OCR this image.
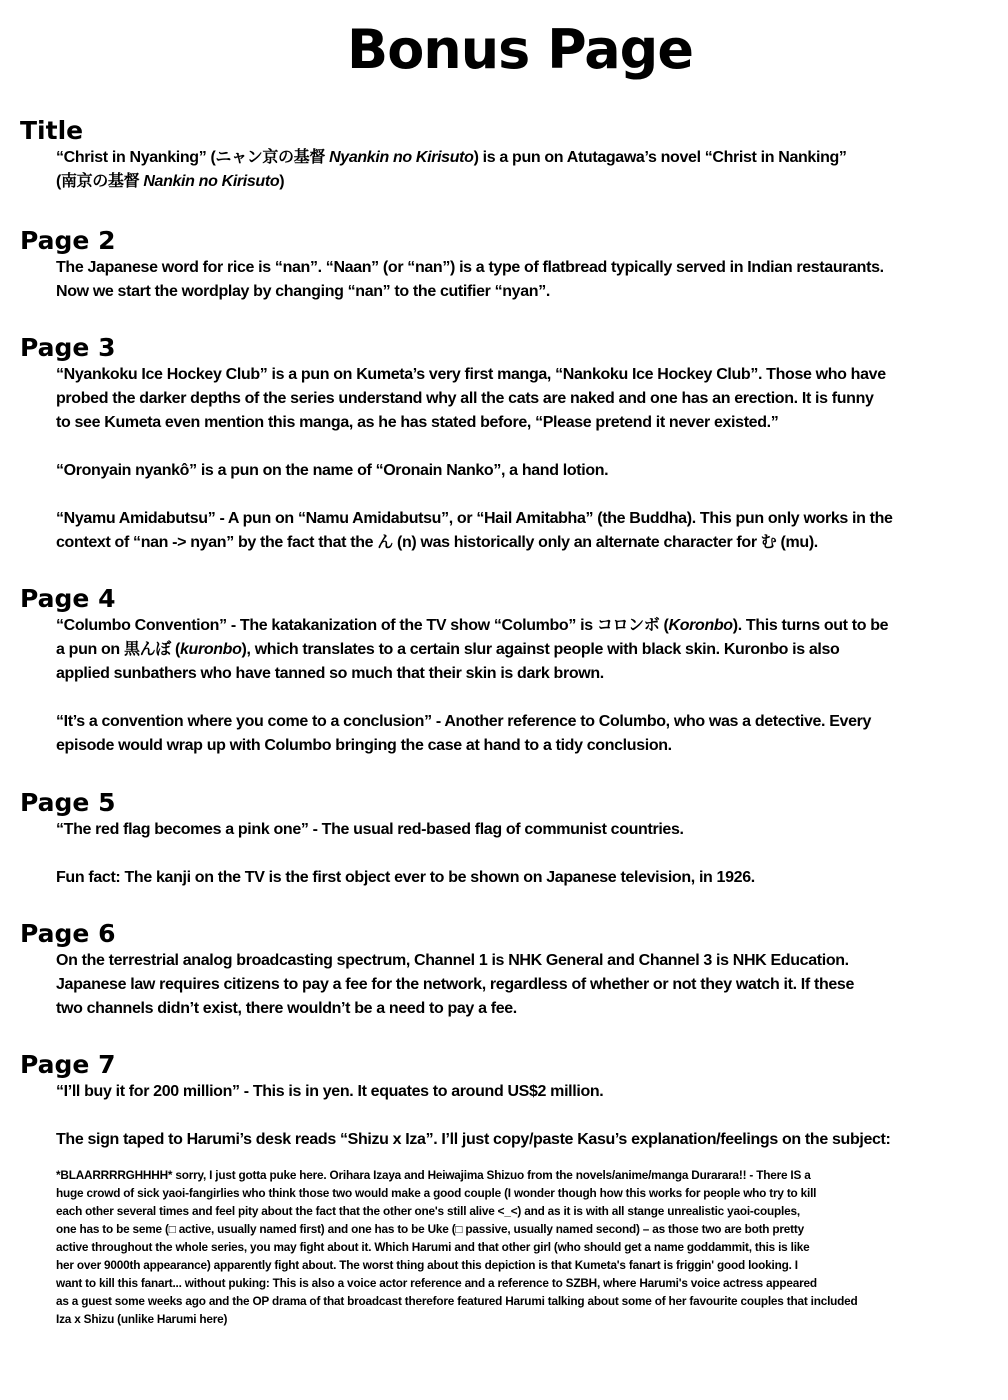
Bonus Page
Title

“Christ in Nyanking” (ニャン京の基督 Nyankin no Kirisuto) is a pun on Atutagawa’s novel “Christ in Nanking”

(南京の基督 Nankin no Kirisuto)

Page 2

The Japanese word for rice is “nan”. “Naan” (or “nan”) is a type of flatbread typically served in Indian restaurants.

Now we start the wordplay by changing “nan” to the cutifier “nyan”.

Page 3

“Nyankoku Ice Hockey Club” is a pun on Kumeta’s very first manga, “Nankoku Ice Hockey Club”. Those who have

probed the darker depths of the series understand why all the cats are naked and one has an erection. It is funny

to see Kumeta even mention this manga, as he has stated before, “Please pretend it never existed.”

“Oronyain nyankô” is a pun on the name of “Oronain Nanko”, a hand lotion.

“Nyamu Amidabutsu” - A pun on “Namu Amidabutsu”, or “Hail Amitabha” (the Buddha). This pun only works in the

context of “nan -> nyan” by the fact that the ん (n) was historically only an alternate character for む (mu).

Page 4

“Columbo Convention” - The katakanization of the TV show “Columbo” is コロンボ (Koronbo). This turns out to be

a pun on 黒んぼ (kuronbo), which translates to a certain slur against people with black skin. Kuronbo is also

applied sunbathers who have tanned so much that their skin is dark brown.

“It’s a convention where you come to a conclusion” - Another reference to Columbo, who was a detective. Every

episode would wrap up with Columbo bringing the case at hand to a tidy conclusion.

Page 5

“The red flag becomes a pink one” - The usual red-based flag of communist countries.

Fun fact: The kanji on the TV is the first object ever to be shown on Japanese television, in 1926.

Page 6

On the terrestrial analog broadcasting spectrum, Channel 1 is NHK General and Channel 3 is NHK Education.

Japanese law requires citizens to pay a fee for the network, regardless of whether or not they watch it. If these

two channels didn’t exist, there wouldn’t be a need to pay a fee.

Page 7

“I’ll buy it for 200 million” - This is in yen. It equates to around US$2 million.

The sign taped to Harumi’s desk reads “Shizu x Iza”. I’ll just copy/paste Kasu’s explanation/feelings on the subject:

*BLAARRRRGHHHH* sorry, I just gotta puke here. Orihara Izaya and Heiwajima Shizuo from the novels/anime/manga Durarara!! - There IS a
huge crowd of sick yaoi-fangirlies who think those two would make a good couple (I wonder though how this works for people who try to kill
each other several times and feel pity about the fact that the other one's still alive <_<) and as it is with all stange unrealistic yaoi-couples,
one has to be seme (□ active, usually named first) and one has to be Uke (□ passive, usually named second) – as those two are both pretty
active throughout the whole series, you may fight about it. Which Harumi and that other girl (who should get a name goddammit, this is like
her over 9000th appearance) apparently fight about. The worst thing about this depiction is that Kumeta's fanart is friggin' good looking. I
want to kill this fanart... without puking: This is also a voice actor reference and a reference to SZBH, where Harumi's voice actress appeared
as a guest some weeks ago and the OP drama of that broadcast therefore featured Harumi talking about some of her favourite couples that included
Iza x Shizu (unlike Harumi here)
